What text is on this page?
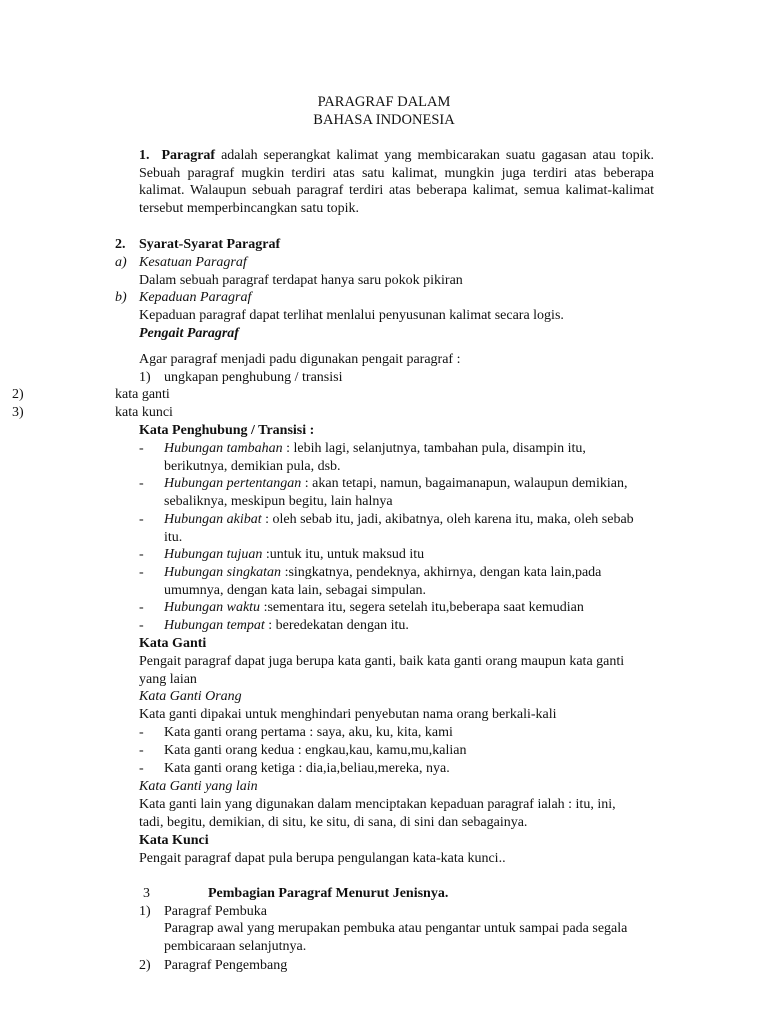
PARAGRAF DALAM
BAHASA INDONESIA
1. Paragraf adalah seperangkat kalimat yang membicarakan suatu gagasan atau topik. Sebuah paragraf mugkin terdiri atas satu kalimat, mungkin juga terdiri atas beberapa kalimat. Walaupun sebuah paragraf terdiri atas beberapa kalimat, semua kalimat-kalimat tersebut memperbincangkan satu topik.
2. Syarat-Syarat Paragraf
a) Kesatuan Paragraf
Dalam sebuah paragraf terdapat hanya saru pokok pikiran
b) Kepaduan Paragraf
Kepaduan paragraf dapat terlihat menlalui penyusunan kalimat secara logis.
Pengait Paragraf
Agar paragraf menjadi padu digunakan pengait paragraf :
1) ungkapan penghubung / transisi
2)	kata ganti
3)	kata kunci
Kata Penghubung / Transisi :
- Hubungan tambahan : lebih lagi, selanjutnya, tambahan pula, disampin itu, berikutnya, demikian pula, dsb.
- Hubungan pertentangan : akan tetapi, namun, bagaimanapun, walaupun demikian, sebaliknya, meskipun begitu, lain halnya
- Hubungan akibat : oleh sebab itu, jadi, akibatnya, oleh karena itu, maka, oleh sebab itu.
- Hubungan tujuan :untuk itu, untuk maksud itu
- Hubungan singkatan :singkatnya, pendeknya, akhirnya, dengan kata lain,pada umumnya, dengan kata lain, sebagai simpulan.
- Hubungan waktu :sementara itu, segera setelah itu,beberapa saat kemudian
- Hubungan tempat : beredekatan dengan itu.
Kata Ganti
Pengait paragraf dapat juga berupa kata ganti, baik kata ganti orang maupun kata ganti yang laian
Kata Ganti Orang
Kata ganti dipakai untuk menghindari penyebutan nama orang berkali-kali
- Kata ganti orang pertama : saya, aku, ku, kita, kami
- Kata ganti orang kedua : engkau,kau, kamu,mu,kalian
- Kata ganti orang ketiga : dia,ia,beliau,mereka, nya.
Kata Ganti yang lain
Kata ganti lain yang digunakan dalam menciptakan kepaduan paragraf ialah : itu, ini, tadi, begitu, demikian, di situ, ke situ, di sana, di sini dan sebagainya.
Kata Kunci
Pengait paragraf dapat pula berupa pengulangan kata-kata kunci..
3	Pembagian Paragraf Menurut Jenisnya.
1) Paragraf Pembuka
Paragrap awal yang merupakan pembuka atau pengantar untuk sampai pada segala pembicaraan selanjutnya.
2) Paragraf Pengembang
